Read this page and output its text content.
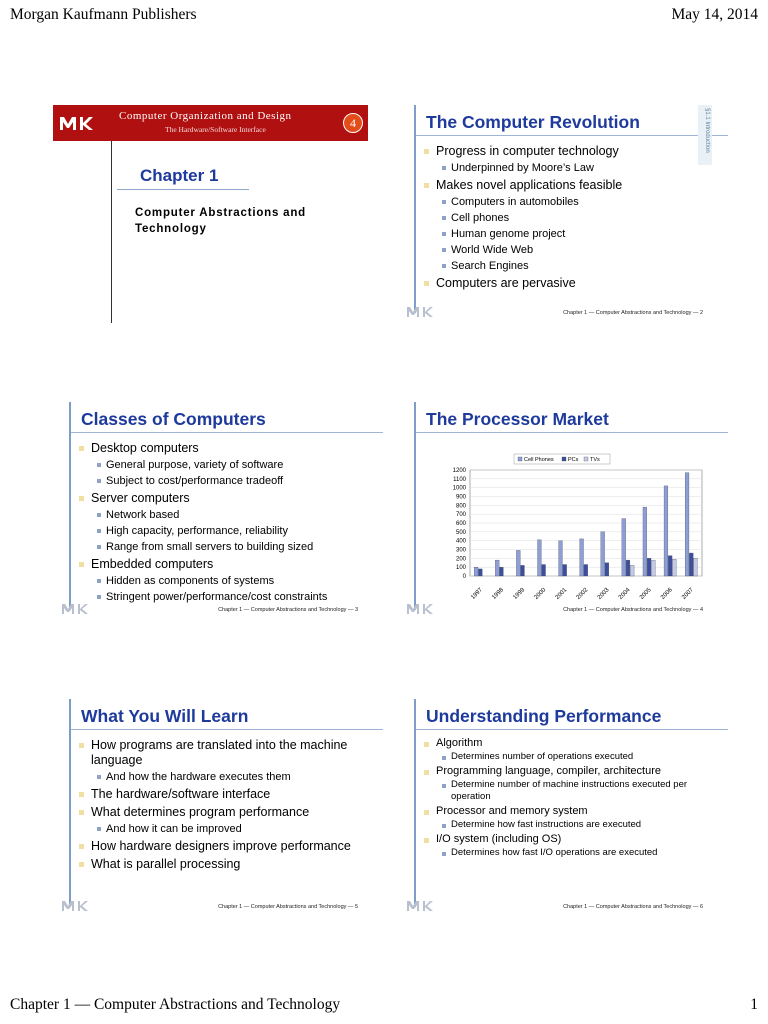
Morgan Kaufmann Publishers	May 14, 2014
Computer Organization and Design
The Hardware/Software Interface	4
Chapter 1
Computer Abstractions and Technology
The Computer Revolution	§1.1 Introduction
Progress in computer technology
Underpinned by Moore’s Law
Makes novel applications feasible
Computers in automobiles
Cell phones
Human genome project
World Wide Web
Search Engines
Computers are pervasive
Chapter 1 — Computer Abstractions and Technology — 2
Classes of Computers
Desktop computers
General purpose, variety of software
Subject to cost/performance tradeoff
Server computers
Network based
High capacity, performance, reliability
Range from small servers to building sized
Embedded computers
Hidden as components of systems
Stringent power/performance/cost constraints
Chapter 1 — Computer Abstractions and Technology — 3
The Processor Market
0
100
200
300
400
500
600
700
800
900
1000
1100
1200
1997 1998 1999 2000 2001 2002 2003 2004 2005 2006 2007
Cell Phones	PCs TVs
Chapter 1 — Computer Abstractions and Technology — 4
What You Will Learn
How programs are translated into the machine language
And how the hardware executes them
The hardware/software interface
What determines program performance
And how it can be improved
How hardware designers improve performance
What is parallel processing
Chapter 1 — Computer Abstractions and Technology — 5
Understanding Performance
Algorithm
Determines number of operations executed
Programming language, compiler, architecture
Determine number of machine instructions executed per operation
Processor and memory system
Determine how fast instructions are executed
I/O system (including OS)
Determines how fast I/O operations are executed
Chapter 1 — Computer Abstractions and Technology — 6
Chapter 1 — Computer Abstractions and Technology	1
